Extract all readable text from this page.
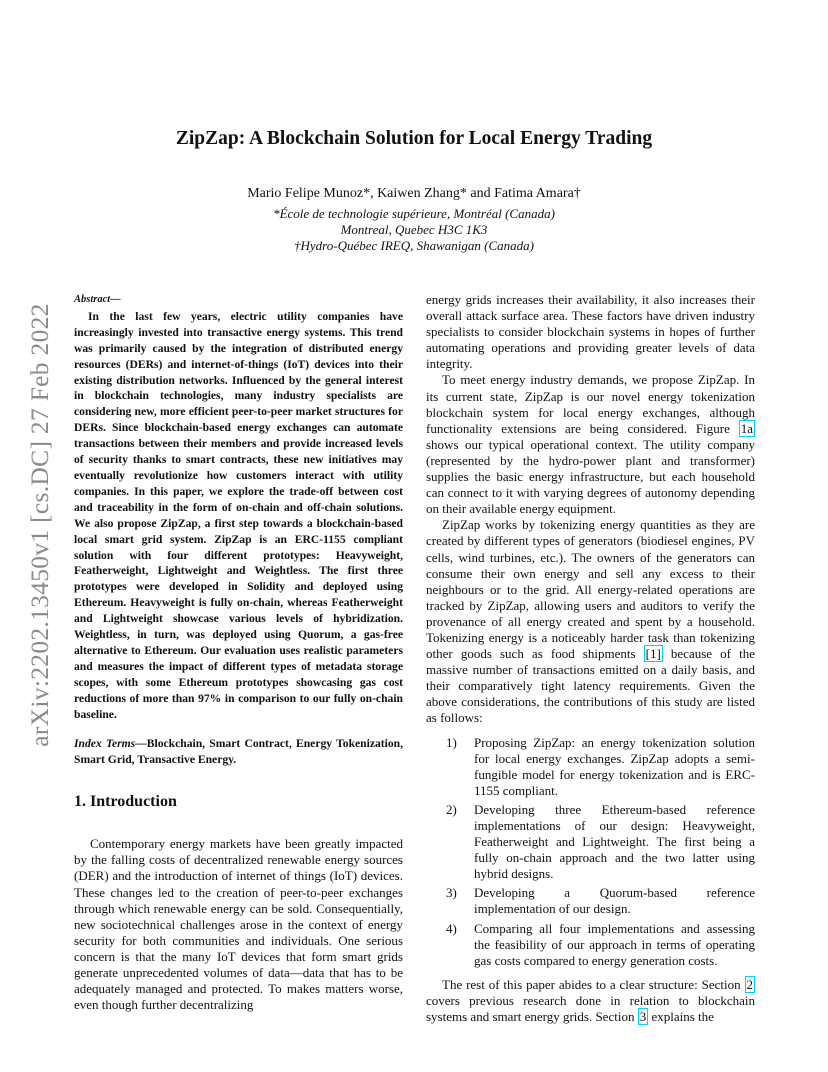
arXiv:2202.13450v1 [cs.DC] 27 Feb 2022
ZipZap: A Blockchain Solution for Local Energy Trading
Mario Felipe Munoz*, Kaiwen Zhang* and Fatima Amara†
*École de technologie supérieure, Montréal (Canada)
Montreal, Quebec H3C 1K3
†Hydro-Québec IREQ, Shawanigan (Canada)
Abstract—
In the last few years, electric utility companies have increasingly invested into transactive energy systems. This trend was primarily caused by the integration of distributed energy resources (DERs) and internet-of-things (IoT) devices into their existing distribution networks. Influenced by the general interest in blockchain technologies, many industry specialists are considering new, more efficient peer-to-peer market structures for DERs. Since blockchain-based energy exchanges can automate transactions between their members and provide increased levels of security thanks to smart contracts, these new initiatives may eventually revolutionize how customers interact with utility companies. In this paper, we explore the trade-off between cost and traceability in the form of on-chain and off-chain solutions. We also propose ZipZap, a first step towards a blockchain-based local smart grid system. ZipZap is an ERC-1155 compliant solution with four different prototypes: Heavyweight, Featherweight, Lightweight and Weightless. The first three prototypes were developed in Solidity and deployed using Ethereum. Heavyweight is fully on-chain, whereas Featherweight and Lightweight showcase various levels of hybridization. Weightless, in turn, was deployed using Quorum, a gas-free alternative to Ethereum. Our evaluation uses realistic parameters and measures the impact of different types of metadata storage scopes, with some Ethereum prototypes showcasing gas cost reductions of more than 97% in comparison to our fully on-chain baseline.
Index Terms—Blockchain, Smart Contract, Energy Tokenization, Smart Grid, Transactive Energy.
1. Introduction

Contemporary energy markets have been greatly impacted by the falling costs of decentralized renewable energy sources (DER) and the introduction of internet of things (IoT) devices. These changes led to the creation of peer-to-peer exchanges through which renewable energy can be sold. Consequentially, new sociotechnical challenges arose in the context of energy security for both communities and individuals. One serious concern is that the many IoT devices that form smart grids generate unprecedented volumes of data—data that has to be adequately managed and protected. To makes matters worse, even though further decentralizing

energy grids increases their availability, it also increases their overall attack surface area. These factors have driven industry specialists to consider blockchain systems in hopes of further automating operations and providing greater levels of data integrity.

To meet energy industry demands, we propose ZipZap. In its current state, ZipZap is our novel energy tokenization blockchain system for local energy exchanges, although functionality extensions are being considered. Figure 1a shows our typical operational context. The utility company (represented by the hydro-power plant and transformer) supplies the basic energy infrastructure, but each household can connect to it with varying degrees of autonomy depending on their available energy equipment.

ZipZap works by tokenizing energy quantities as they are created by different types of generators (biodiesel engines, PV cells, wind turbines, etc.). The owners of the generators can consume their own energy and sell any excess to their neighbours or to the grid. All energy-related operations are tracked by ZipZap, allowing users and auditors to verify the provenance of all energy created and spent by a household. Tokenizing energy is a noticeably harder task than tokenizing other goods such as food shipments [1] because of the massive number of transactions emitted on a daily basis, and their comparatively tight latency requirements. Given the above considerations, the contributions of this study are listed as follows:

1) Proposing ZipZap: an energy tokenization solution for local energy exchanges. ZipZap adopts a semi-fungible model for energy tokenization and is ERC-1155 compliant.
2) Developing three Ethereum-based reference implementations of our design: Heavyweight, Featherweight and Lightweight. The first being a fully on-chain approach and the two latter using hybrid designs.
3) Developing a Quorum-based reference implementation of our design.
4) Comparing all four implementations and assessing the feasibility of our approach in terms of operating gas costs compared to energy generation costs.

The rest of this paper abides to a clear structure: Section 2 covers previous research done in relation to blockchain systems and smart energy grids. Section 3 explains the
